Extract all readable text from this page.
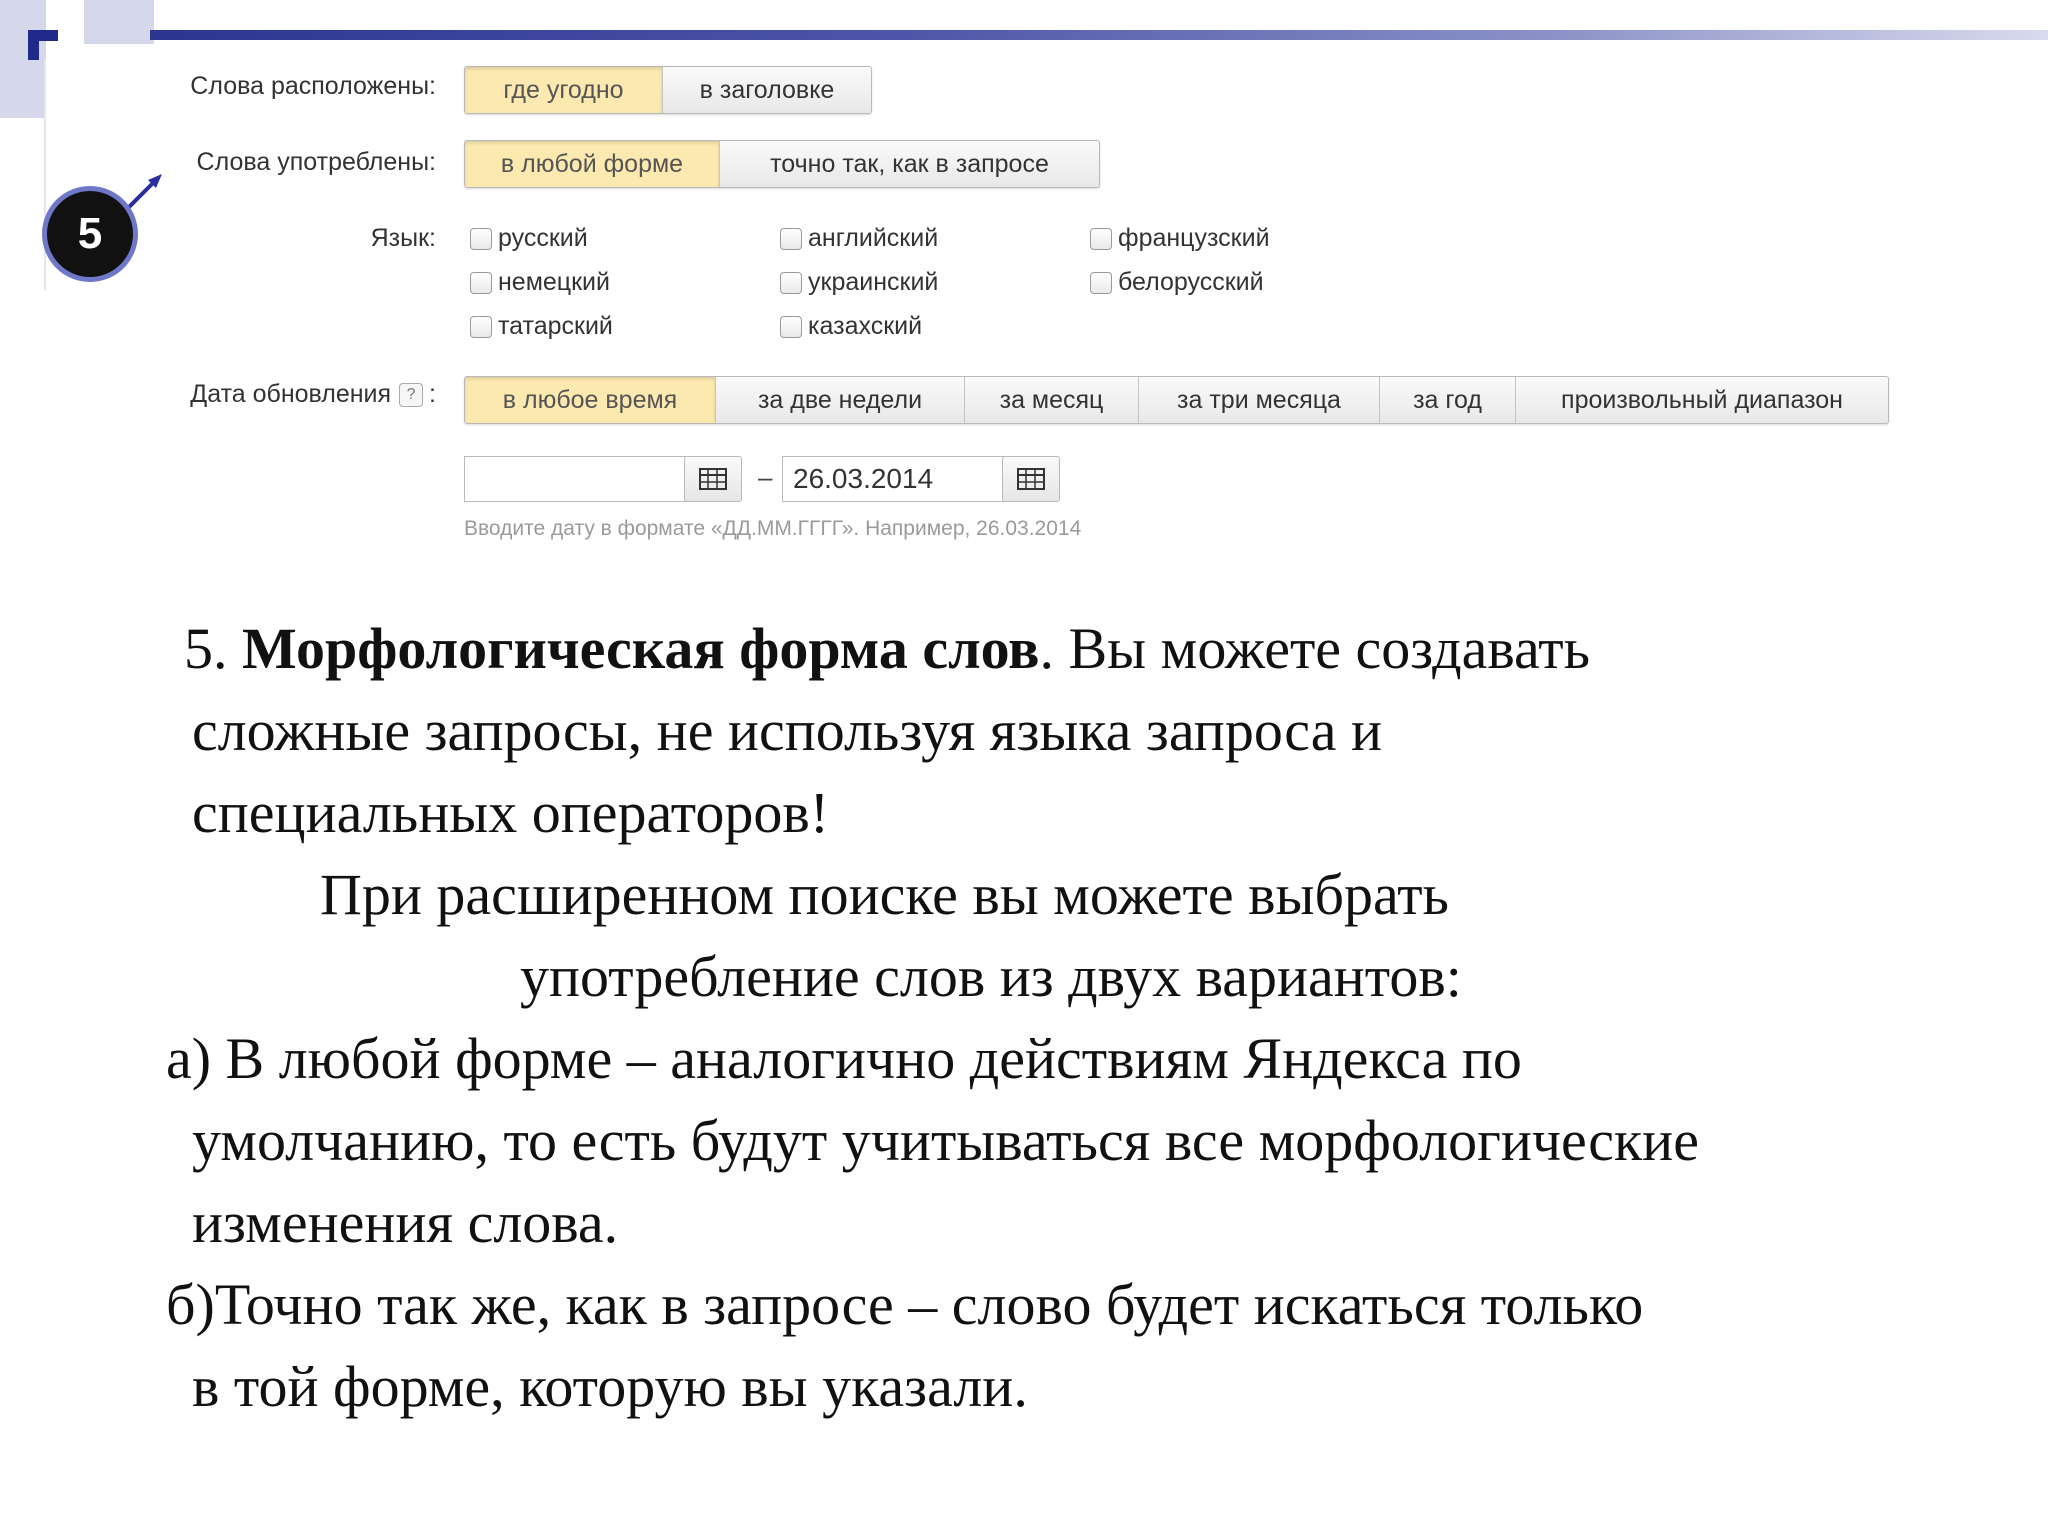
Слова расположены:	где угодно	в заголовке
Слова употреблены:	в любой форме	точно так, как в запросе
Язык: русский	английский	французский
немецкий	украинский	белорусский
татарский	казахский
Дата обновления ? :	в любое время	за две недели	за месяц	за три месяца	за год	произвольный диапазон
– 26.03.2014
Вводите дату в формате «ДД.ММ.ГГГГ». Например, 26.03.2014
5
5. Морфологическая форма слов. Вы можете создавать
сложные запросы, не используя языка запроса и
специальных операторов!
При расширенном поиске вы можете выбрать
употребление слов из двух вариантов:
а) В любой форме – аналогично действиям Яндекса по
умолчанию, то есть будут учитываться все морфологические
изменения слова.
б)Точно так же, как в запросе – слово будет искаться только
в той форме, которую вы указали.
